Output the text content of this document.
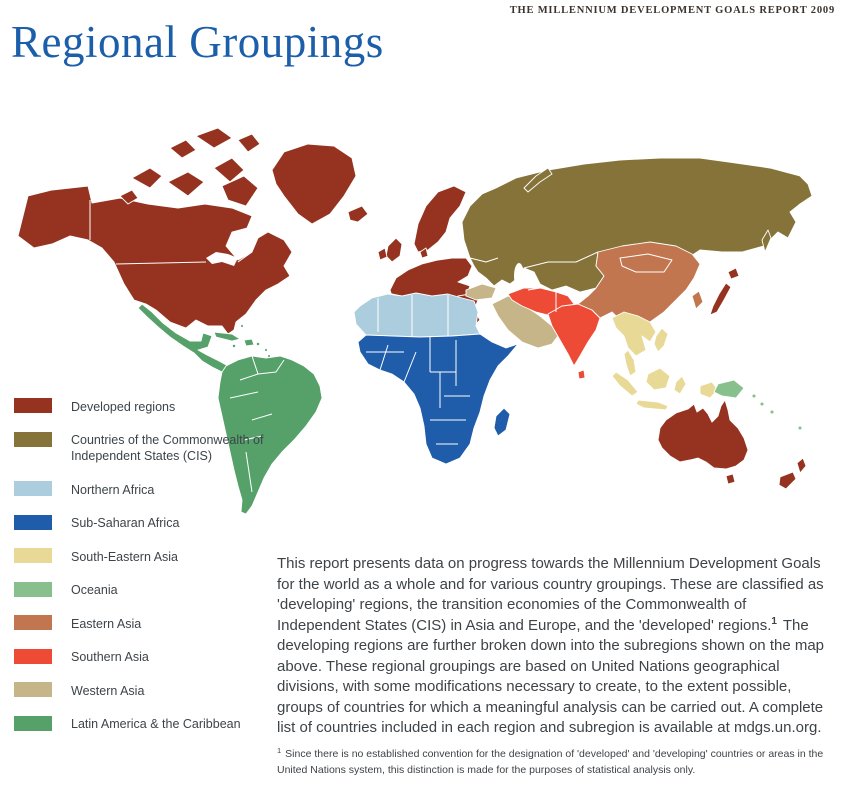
THE MILLENNIUM DEVELOPMENT GOALS REPORT 2009
Regional Groupings
Developed regions
Countries of the Commonwealth of Independent States (CIS)
Northern Africa
Sub-Saharan Africa
South-Eastern Asia
Oceania
Eastern Asia
Southern Asia
Western Asia
Latin America & the Caribbean
This report presents data on progress towards the Millennium Development Goals for the world as a whole and for various country groupings. These are classified as 'developing' regions, the transition economies of the Commonwealth of Independent States (CIS) in Asia and Europe, and the 'developed' regions.$^1$ The developing regions are further broken down into the subregions shown on the map above. These regional groupings are based on United Nations geographical divisions, with some modifications necessary to create, to the extent possible, groups of countries for which a meaningful analysis can be carried out. A complete list of countries included in each region and subregion is available at mdgs.un.org.
$^1$ Since there is no established convention for the designation of 'developed' and 'developing' countries or areas in the United Nations system, this distinction is made for the purposes of statistical analysis only.
